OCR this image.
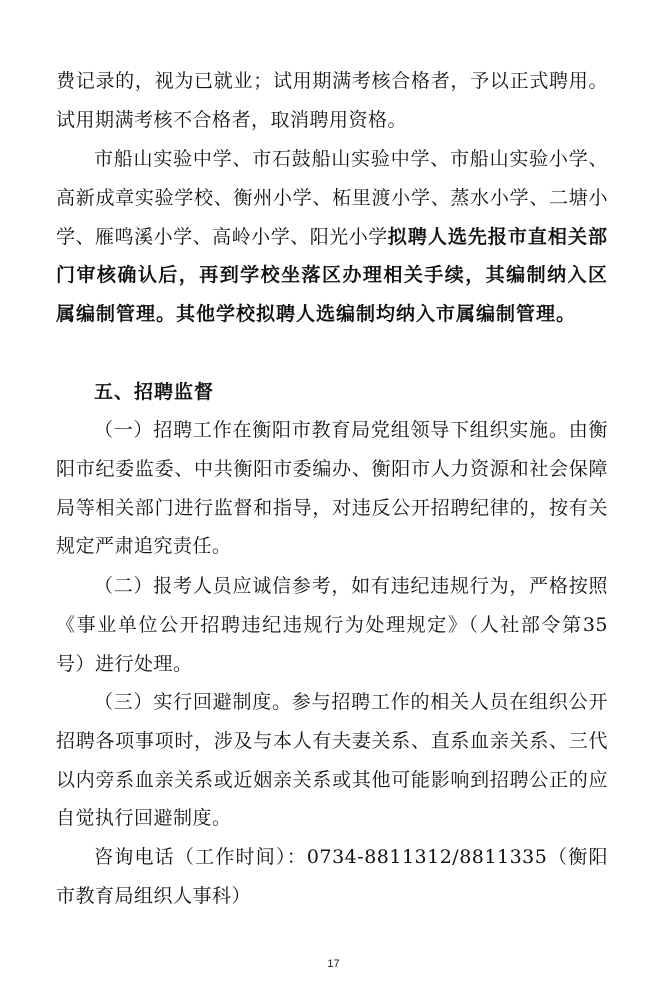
费记录的，视为已就业；试用期满考核合格者，予以正式聘用。试用期满考核不合格者，取消聘用资格。

市船山实验中学、市石鼓船山实验中学、市船山实验小学、高新成章实验学校、衡州小学、柘里渡小学、蒸水小学、二塘小学、雁鸣溪小学、高岭小学、阳光小学拟聘人选先报市直相关部门审核确认后，再到学校坐落区办理相关手续，其编制纳入区属编制管理。其他学校拟聘人选编制均纳入市属编制管理。

五、招聘监督

（一）招聘工作在衡阳市教育局党组领导下组织实施。由衡阳市纪委监委、中共衡阳市委编办、衡阳市人力资源和社会保障局等相关部门进行监督和指导，对违反公开招聘纪律的，按有关规定严肃追究责任。

（二）报考人员应诚信参考，如有违纪违规行为，严格按照《事业单位公开招聘违纪违规行为处理规定》（人社部令第35号）进行处理。

（三）实行回避制度。参与招聘工作的相关人员在组织公开招聘各项事项时，涉及与本人有夫妻关系、直系血亲关系、三代以内旁系血亲关系或近姻亲关系或其他可能影响到招聘公正的应自觉执行回避制度。

咨询电话（工作时间）：0734-8811312/8811335（衡阳市教育局组织人事科）

17
